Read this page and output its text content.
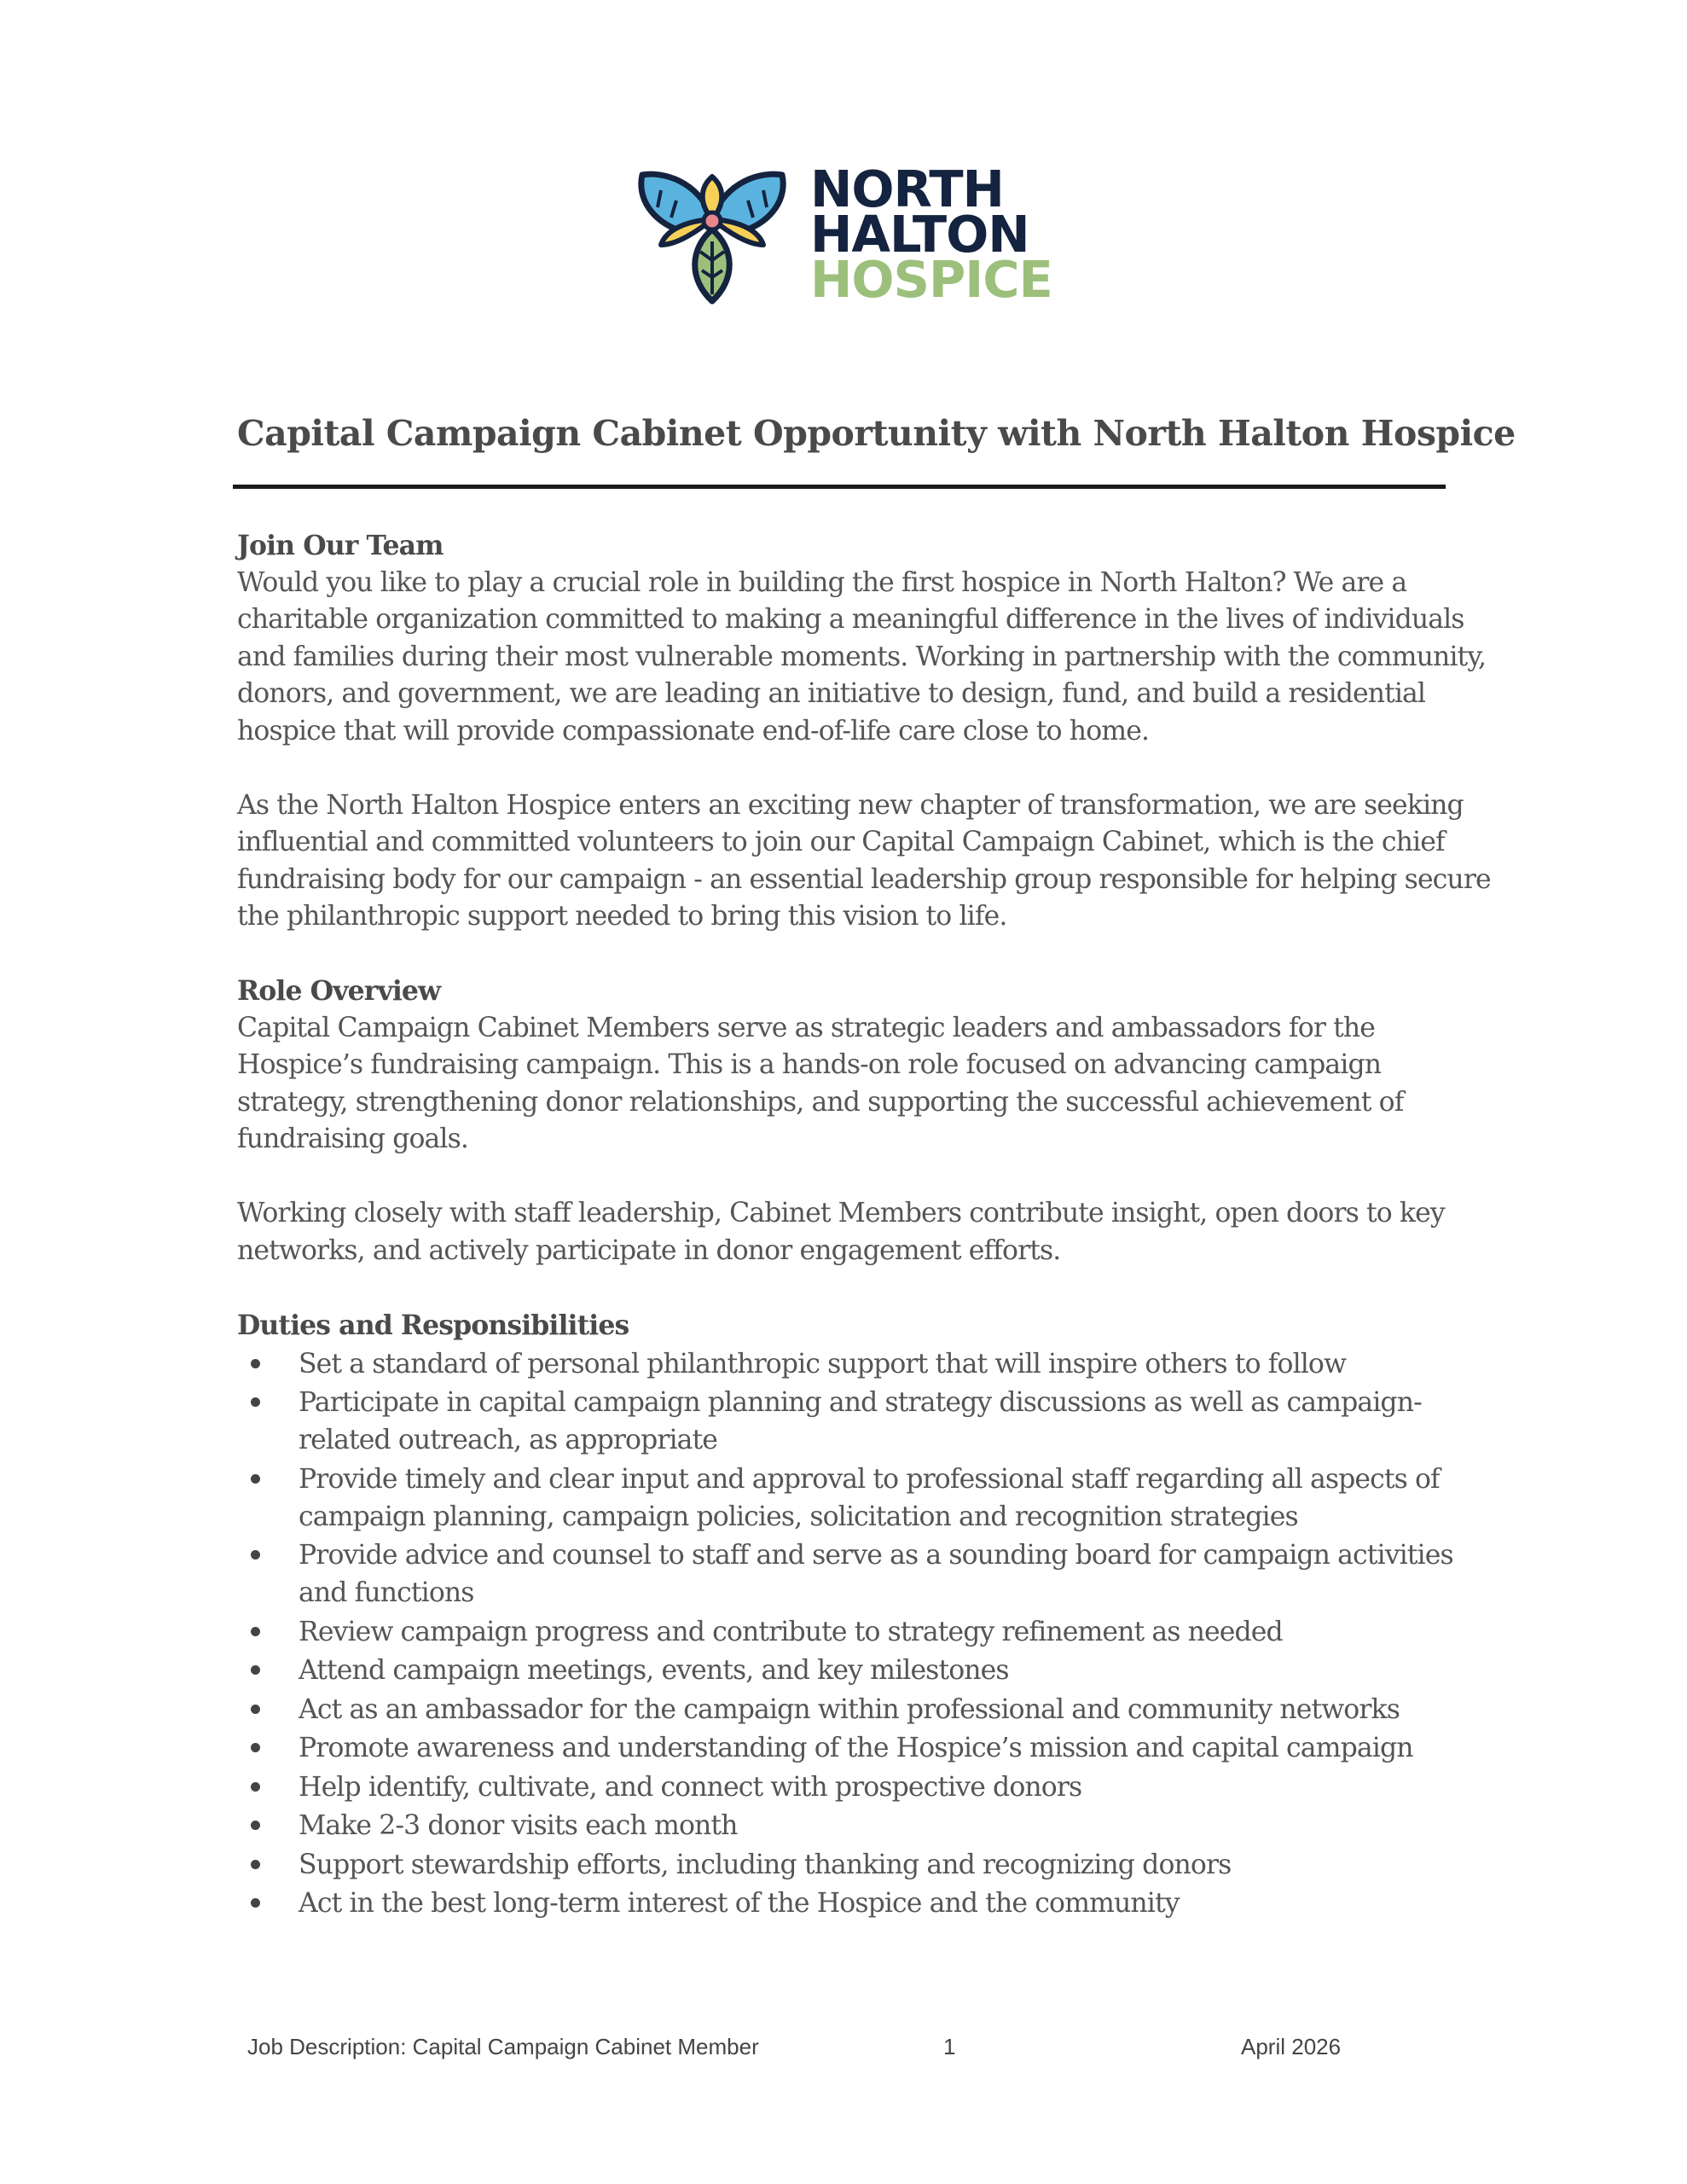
NORTH
HALTON
HOSPICE
Capital Campaign Cabinet Opportunity with North Halton Hospice
Join Our Team

Would you like to play a crucial role in building the first hospice in North Halton? We are a
charitable organization committed to making a meaningful difference in the lives of individuals
and families during their most vulnerable moments. Working in partnership with the community,
donors, and government, we are leading an initiative to design, fund, and build a residential
hospice that will provide compassionate end-of-life care close to home.

As the North Halton Hospice enters an exciting new chapter of transformation, we are seeking
influential and committed volunteers to join our Capital Campaign Cabinet, which is the chief
fundraising body for our campaign - an essential leadership group responsible for helping secure
the philanthropic support needed to bring this vision to life.

Role Overview

Capital Campaign Cabinet Members serve as strategic leaders and ambassadors for the
Hospice’s fundraising campaign. This is a hands-on role focused on advancing campaign
strategy, strengthening donor relationships, and supporting the successful achievement of
fundraising goals.

Working closely with staff leadership, Cabinet Members contribute insight, open doors to key
networks, and actively participate in donor engagement efforts.

Duties and Responsibilities
Set a standard of personal philanthropic support that will inspire others to follow
Participate in capital campaign planning and strategy discussions as well as campaign-
related outreach, as appropriate
Provide timely and clear input and approval to professional staff regarding all aspects of
campaign planning, campaign policies, solicitation and recognition strategies
Provide advice and counsel to staff and serve as a sounding board for campaign activities
and functions
Review campaign progress and contribute to strategy refinement as needed
Attend campaign meetings, events, and key milestones
Act as an ambassador for the campaign within professional and community networks
Promote awareness and understanding of the Hospice’s mission and capital campaign
Help identify, cultivate, and connect with prospective donors
Make 2-3 donor visits each month
Support stewardship efforts, including thanking and recognizing donors
Act in the best long-term interest of the Hospice and the community
Job Description: Capital Campaign Cabinet Member	1	April 2026
